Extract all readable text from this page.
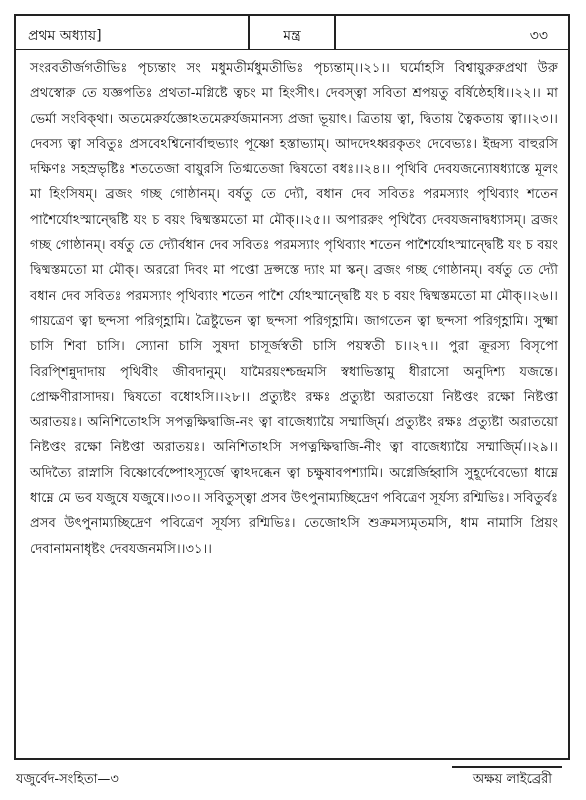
প্রথম অধ্যায়]	মন্ত্র	৩৩

সংরবতীর্জগতীভিঃ পৃচ্যন্তাং সং মধুমতীর্মধুমতীভিঃ পৃচ্যন্তাম্‌।।২১।। ঘর্মোহসি বিশ্বায়ুরুরুপ্রথা উরু প্রথস্বোরু তে যজ্ঞপতিঃ প্রথতা-মগ্নিষ্টে ত্বচং মা হিংসীৎ। দেবস্ত্বা সবিতা শ্রপয়তু বর্ষিষ্ঠেহধি।।২২।। মা ভের্মা সংবিক্‌থা। অতমেরুর্যজ্ঞোঽতমেরুর্যজমানস্য প্রজা ভূয়াৎ। ত্রিতায় ত্বা, দ্বিতায় ত্বৈকতায় ত্বা।।২৩।। দেবস্য ত্বা সবিতুঃ প্রসবেঽশ্বিনোর্বাহুভ্যাং পূষ্ণো হস্তাভ্যাম্‌। আদদেঽধ্বরকৃতং দেবেভ্যঃ। ইন্দ্রস্য বাহুরসি দক্ষিণঃ সহস্রভৃষ্টিঃ শতত‍েজা বায়ুরসি তিগ্মতেজা দ্বিষতো বধঃ।।২৪।। পৃথিবি দেবযজন্যোষধ্যাস্তে মূলং মা হিংসিষম্‌। ব্রজং গচ্ছ গোষ্ঠানম্‌। বর্ষতু তে দ্যৌ, বধান দেব সবিতঃ পরমস্যাং পৃথিব্যাং শতেন পাশৈর্যোঽস্মান্দ্বেষ্টি যং চ বয়ং দ্বিষ্মস্তমতো মা মৌক্‌।।২৫।। অপাররুং পৃথিব্যৈ দেবযজনাদ্বধ্যাসম্‌। ব্রজং গচ্ছ গোষ্ঠানম্‌। বর্ষতু তে দ্যৌর্বধান দেব সবিতঃ পরমস্যাং পৃথিব্যাং শতেন পাশৈর্যোঽস্মান্দ্বেষ্টি যং চ বয়ং দ্বিষ্মস্তমতো মা মৌক্‌। অররো দিবং মা পপ্তো দ্রপ্সস্তে দ্যাং মা স্কন্‌। ব্রজং গচ্ছ গোষ্ঠানম্‌। বর্ষতু তে দ্যৌ বধান দেব সবিতঃ পরমস্যাং পৃথিব্যাং শতেন পাশৈ র্যোঽস্মান্দ্বেষ্টি যং চ বয়ং দ্বিষ্মস্তমতো মা মৌক্‌।।২৬।। গায়ত্রেণ ত্বা ছন্দসা পরিগৃহ্ণামি। ত্রৈষ্টুভেন ত্বা ছন্দসা পরিগৃহ্ণামি। জাগতেন ত্বা ছন্দসা পরিগৃহ্ণামি। সুক্ষ্মা চাসি শিবা চাসি। স্যোনা চাসি সুষদা চাসূর্জস্বতী চাসি পয়স্বতী চ।।২৭।। পুরা ক্রূরস্য বিসৃপো বিরপ্শিন্নুদাদায় পৃথিবীং জীবদানুম্‌। যামৈরয়ংশ্চন্দ্রমসি স্বধাভিস্তামু ধীরাসো অনুদিশ্য যজন্তে। প্রোক্ষণীরাসাদয়। দ্বিষতো বধোঽসি।।২৮।। প্রত্যুষ্টং রক্ষঃ প্রত্যুষ্টা অরাতয়ো নিষ্টপ্তং রক্ষো নিষ্টপ্তা অরাতয়ঃ। অনিশিতোঽসি সপত্নক্ষিদ্বাজি-নং ত্বা বাজেধ্যায়ৈ সম্মার্জ্মি। প্রত্যুষ্টং রক্ষঃ প্রত্যুষ্টা অরাতয়ো নিষ্টপ্তং রক্ষো নিষ্টপ্তা অরাতয়ঃ। অনিশিতাঽসি সপত্নক্ষিদ্বাজি-নীং ত্বা বাজেধ্যায়ৈ সম্মার্জ্মি।।২৯।। অদিত্যৈ রাস্নাসি বিষ্ণোর্বেষ্পোঽস্যূর্জে ত্বাঽদব্ধেন ত্বা চক্ষুষাবপশ্যামি। অগ্নের্জিহ্বাসি সুহূর্দেবেভ্যো ধাম্নে ধাম্নে মে ভব যজুষে যজুষে।।৩০।। সবিতুস্ত্বা প্রসব উৎপুনাম্যচ্ছিদ্রেণ পবিত্রেণ সূর্যস্য রশ্মিভিঃ। সবিতুর্বঃ প্রসব উৎপুনাম্যচ্ছিদ্রেণ পবিত্রেণ সূর্যস্য রশ্মিভিঃ। তেজোঽসি শুক্রমস্যমৃতমসি, ধাম নামাসি প্রিয়ং দেবানামনাধৃষ্টং দেবযজনমসি।।৩১।।

যজুর্বেদ-সংহিতা—৩	অক্ষয় লাইব্রেরী
